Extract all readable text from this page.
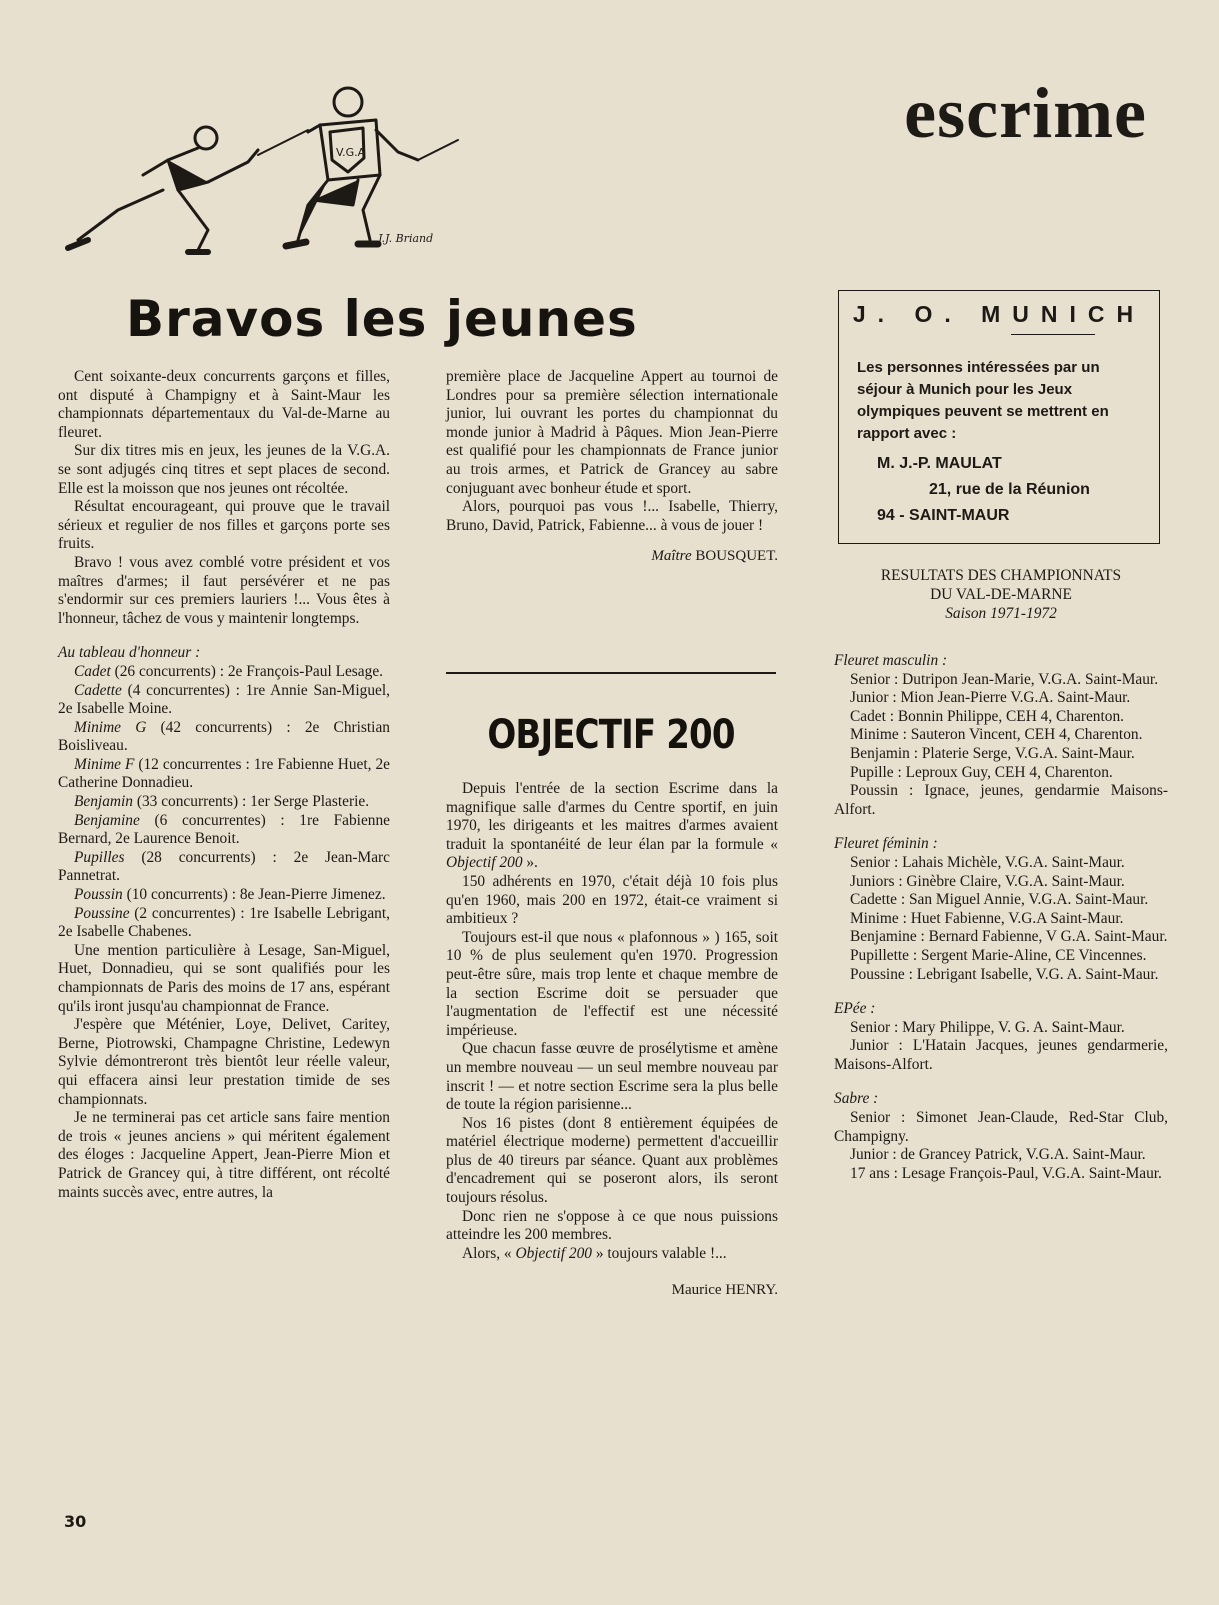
escrime
V.G.A
J.J. Briand
Bravos les jeunes

Cent soixante-deux concurrents garçons et filles, ont disputé à Champigny et à Saint-Maur les championnats départementaux du Val-de-Marne au fleuret.

Sur dix titres mis en jeux, les jeunes de la V.G.A. se sont adjugés cinq titres et sept places de second. Elle est la moisson que nos jeunes ont récoltée.

Résultat encourageant, qui prouve que le travail sérieux et regulier de nos filles et garçons porte ses fruits.

Bravo ! vous avez comblé votre président et vos maîtres d'armes; il faut persévérer et ne pas s'endormir sur ces premiers lauriers !... Vous êtes à l'honneur, tâchez de vous y maintenir longtemps.

Au tableau d'honneur :

Cadet (26 concurrents) : 2e François-Paul Lesage.

Cadette (4 concurrentes) : 1re Annie San-Miguel, 2e Isabelle Moine.

Minime G (42 concurrents) : 2e Christian Boisliveau.

Minime F (12 concurrentes : 1re Fabienne Huet, 2e Catherine Donnadieu.

Benjamin (33 concurrents) : 1er Serge Plasterie.

Benjamine (6 concurrentes) : 1re Fabienne Bernard, 2e Laurence Benoit.

Pupilles (28 concurrents) : 2e Jean-Marc Pannetrat.

Poussin (10 concurrents) : 8e Jean-Pierre Jimenez.

Poussine (2 concurrentes) : 1re Isabelle Lebrigant, 2e Isabelle Chabenes.

Une mention particulière à Lesage, San-Miguel, Huet, Donnadieu, qui se sont qualifiés pour les championnats de Paris des moins de 17 ans, espérant qu'ils iront jusqu'au championnat de France.

J'espère que Méténier, Loye, Delivet, Caritey, Berne, Piotrowski, Champagne Christine, Ledewyn Sylvie démontreront très bientôt leur réelle valeur, qui effacera ainsi leur prestation timide de ses championnats.

Je ne terminerai pas cet article sans faire mention de trois « jeunes anciens » qui méritent également des éloges : Jacqueline Appert, Jean-Pierre Mion et Patrick de Grancey qui, à titre différent, ont récolté maints succès avec, entre autres, la

première place de Jacqueline Appert au tournoi de Londres pour sa première sélection internationale junior, lui ouvrant les portes du championnat du monde junior à Madrid à Pâques. Mion Jean-Pierre est qualifié pour les championnats de France junior au trois armes, et Patrick de Grancey au sabre conjuguant avec bonheur étude et sport.

Alors, pourquoi pas vous !... Isabelle, Thierry, Bruno, David, Patrick, Fabienne... à vous de jouer !

Maître BOUSQUET.
OBJECTIF 200

Depuis l'entrée de la section Escrime dans la magnifique salle d'armes du Centre sportif, en juin 1970, les dirigeants et les maitres d'armes avaient traduit la spontanéité de leur élan par la formule « Objectif 200 ».

150 adhérents en 1970, c'était déjà 10 fois plus qu'en 1960, mais 200 en 1972, était-ce vraiment si ambitieux ?

Toujours est-il que nous « plafonnous » ) 165, soit 10 % de plus seulement qu'en 1970. Progression peut-être sûre, mais trop lente et chaque membre de la section Escrime doit se persuader que l'augmentation de l'effectif est une nécessité impérieuse.

Que chacun fasse œuvre de prosélytisme et amène un membre nouveau — un seul membre nouveau par inscrit ! — et notre section Escrime sera la plus belle de toute la région parisienne...

Nos 16 pistes (dont 8 entièrement équipées de matériel électrique moderne) permettent d'accueillir plus de 40 tireurs par séance. Quant aux problèmes d'encadrement qui se poseront alors, ils seront toujours résolus.

Donc rien ne s'oppose à ce que nous puissions atteindre les 200 membres.

Alors, « Objectif 200 » toujours valable !...

Maurice HENRY.
J. O. MUNICH
Les personnes intéressées par un séjour à Munich pour les Jeux olympiques peuvent se mettrent en rapport avec :
M. J.-P. MAULAT
21, rue de la Réunion
94 - SAINT-MAUR
RESULTATS DES CHAMPIONNATS
DU VAL-DE-MARNE
Saison 1971-1972

Fleuret masculin :

Senior : Dutripon Jean-Marie, V.G.A. Saint-Maur.

Junior : Mion Jean-Pierre V.G.A. Saint-Maur.

Cadet : Bonnin Philippe, CEH 4, Charenton.

Minime : Sauteron Vincent, CEH 4, Charenton.

Benjamin : Platerie Serge, V.G.A. Saint-Maur.

Pupille : Leproux Guy, CEH 4, Charenton.

Poussin : Ignace, jeunes, gendarmie Maisons-Alfort.

Fleuret féminin :

Senior : Lahais Michèle, V.G.A. Saint-Maur.

Juniors : Ginèbre Claire, V.G.A. Saint-Maur.

Cadette : San Miguel Annie, V.G.A. Saint-Maur.

Minime : Huet Fabienne, V.G.A Saint-Maur.

Benjamine : Bernard Fabienne, V G.A. Saint-Maur.

Pupillette : Sergent Marie-Aline, CE Vincennes.

Poussine : Lebrigant Isabelle, V.G. A. Saint-Maur.

EPée :

Senior : Mary Philippe, V. G. A. Saint-Maur.

Junior : L'Hatain Jacques, jeunes gendarmerie, Maisons-Alfort.

Sabre :

Senior : Simonet Jean-Claude, Red-Star Club, Champigny.

Junior : de Grancey Patrick, V.G.A. Saint-Maur.

17 ans : Lesage François-Paul, V.G.A. Saint-Maur.

30
